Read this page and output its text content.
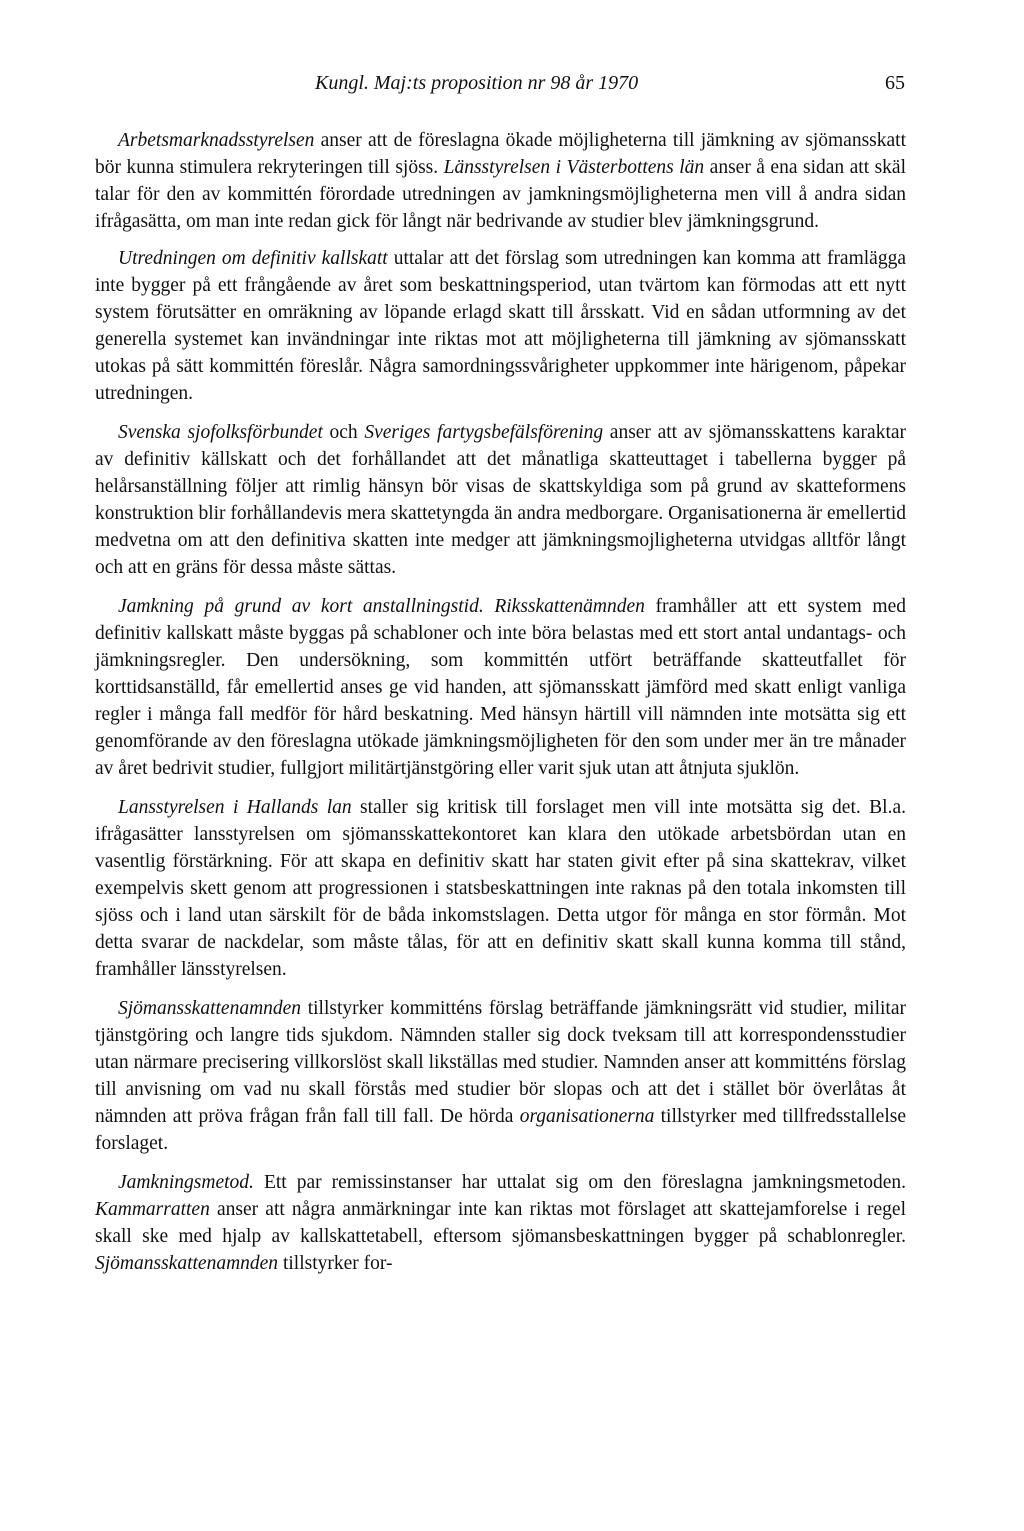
Kungl. Maj:ts proposition nr 98 år 1970	65

Arbetsmarknadsstyrelsen anser att de föreslagna ökade möjligheterna till jämkning av sjömansskatt bör kunna stimulera rekryteringen till sjöss. Länsstyrelsen i Västerbottens län anser å ena sidan att skäl talar för den av kommittén förordade utredningen av jamkningsmöjligheterna men vill å andra sidan ifrågasätta, om man inte redan gick för långt när bedrivande av studier blev jämkningsgrund.

Utredningen om definitiv kallskatt uttalar att det förslag som utredningen kan komma att framlägga inte bygger på ett frångående av året som beskattningsperiod, utan tvärtom kan förmodas att ett nytt system förutsätter en omräkning av löpande erlagd skatt till årsskatt. Vid en sådan utformning av det generella systemet kan invändningar inte riktas mot att möjligheterna till jämkning av sjömansskatt utokas på sätt kommittén föreslår. Några samordningssvårigheter uppkommer inte härigenom, påpekar utredningen.

Svenska sjofolksförbundet och Sveriges fartygsbefälsförening anser att av sjömansskattens karaktar av definitiv källskatt och det forhållandet att det månatliga skatteuttaget i tabellerna bygger på helårsanställning följer att rimlig hänsyn bör visas de skattskyldiga som på grund av skatteformens konstruktion blir forhållandevis mera skattetyngda än andra medborgare. Organisationerna är emellertid medvetna om att den definitiva skatten inte medger att jämkningsmojligheterna utvidgas alltför långt och att en gräns för dessa måste sättas.

Jamkning på grund av kort anstallningstid. Riksskattenämnden framhåller att ett system med definitiv kallskatt måste byggas på schabloner och inte böra belastas med ett stort antal undantags- och jämkningsregler. Den undersökning, som kommittén utfört beträffande skatteutfallet för korttidsanställd, får emellertid anses ge vid handen, att sjömansskatt jämförd med skatt enligt vanliga regler i många fall medför för hård beskatning. Med hänsyn härtill vill nämnden inte motsätta sig ett genomförande av den föreslagna utökade jämkningsmöjligheten för den som under mer än tre månader av året bedrivit studier, fullgjort militärtjänstgöring eller varit sjuk utan att åtnjuta sjuklön.

Lansstyrelsen i Hallands lan staller sig kritisk till forslaget men vill inte motsätta sig det. Bl.a. ifrågasätter lansstyrelsen om sjömansskattekontoret kan klara den utökade arbetsbördan utan en vasentlig förstärkning. För att skapa en definitiv skatt har staten givit efter på sina skattekrav, vilket exempelvis skett genom att progressionen i statsbeskattningen inte raknas på den totala inkomsten till sjöss och i land utan särskilt för de båda inkomstslagen. Detta utgor för många en stor förmån. Mot detta svarar de nackdelar, som måste tålas, för att en definitiv skatt skall kunna komma till stånd, framhåller länsstyrelsen.

Sjömansskattenamnden tillstyrker kommitténs förslag beträffande jämkningsrätt vid studier, militar tjänstgöring och langre tids sjukdom. Nämnden staller sig dock tveksam till att korrespondensstudier utan närmare precisering villkorslöst skall likställas med studier. Namnden anser att kommitténs förslag till anvisning om vad nu skall förstås med studier bör slopas och att det i stället bör överlåtas åt nämnden att pröva frågan från fall till fall. De hörda organisationerna tillstyrker med tillfredsstallelse forslaget.

Jamkningsmetod. Ett par remissinstanser har uttalat sig om den föreslagna jamkningsmetoden. Kammarratten anser att några anmärkningar inte kan riktas mot förslaget att skattejamforelse i regel skall ske med hjalp av kallskattetabell, eftersom sjömansbeskattningen bygger på schablonregler. Sjömansskattenamnden tillstyrker for-
